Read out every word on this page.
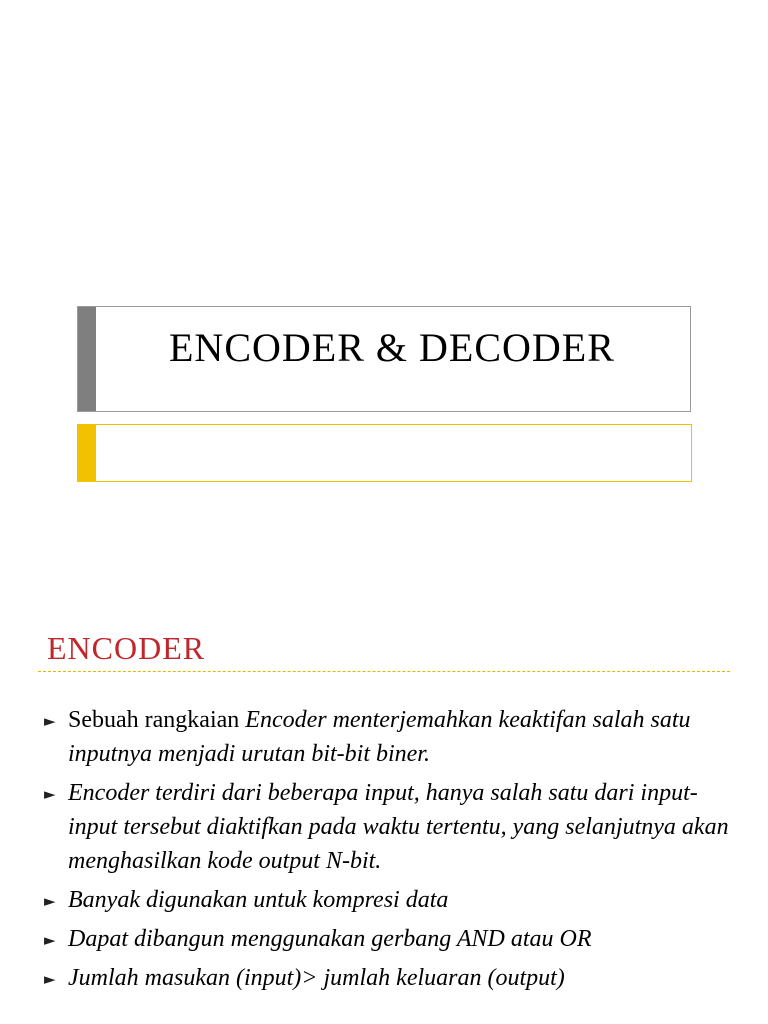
ENCODER & DECODER
ENCODER
► Sebuah rangkaian Encoder menterjemahkan keaktifan salah satu inputnya menjadi urutan bit-bit biner.
► Encoder terdiri dari beberapa input, hanya salah satu dari input-input tersebut diaktifkan pada waktu tertentu, yang selanjutnya akan menghasilkan kode output N-bit.
► Banyak digunakan untuk kompresi data
► Dapat dibangun menggunakan gerbang AND atau OR
► Jumlah masukan (input)> jumlah keluaran (output)
